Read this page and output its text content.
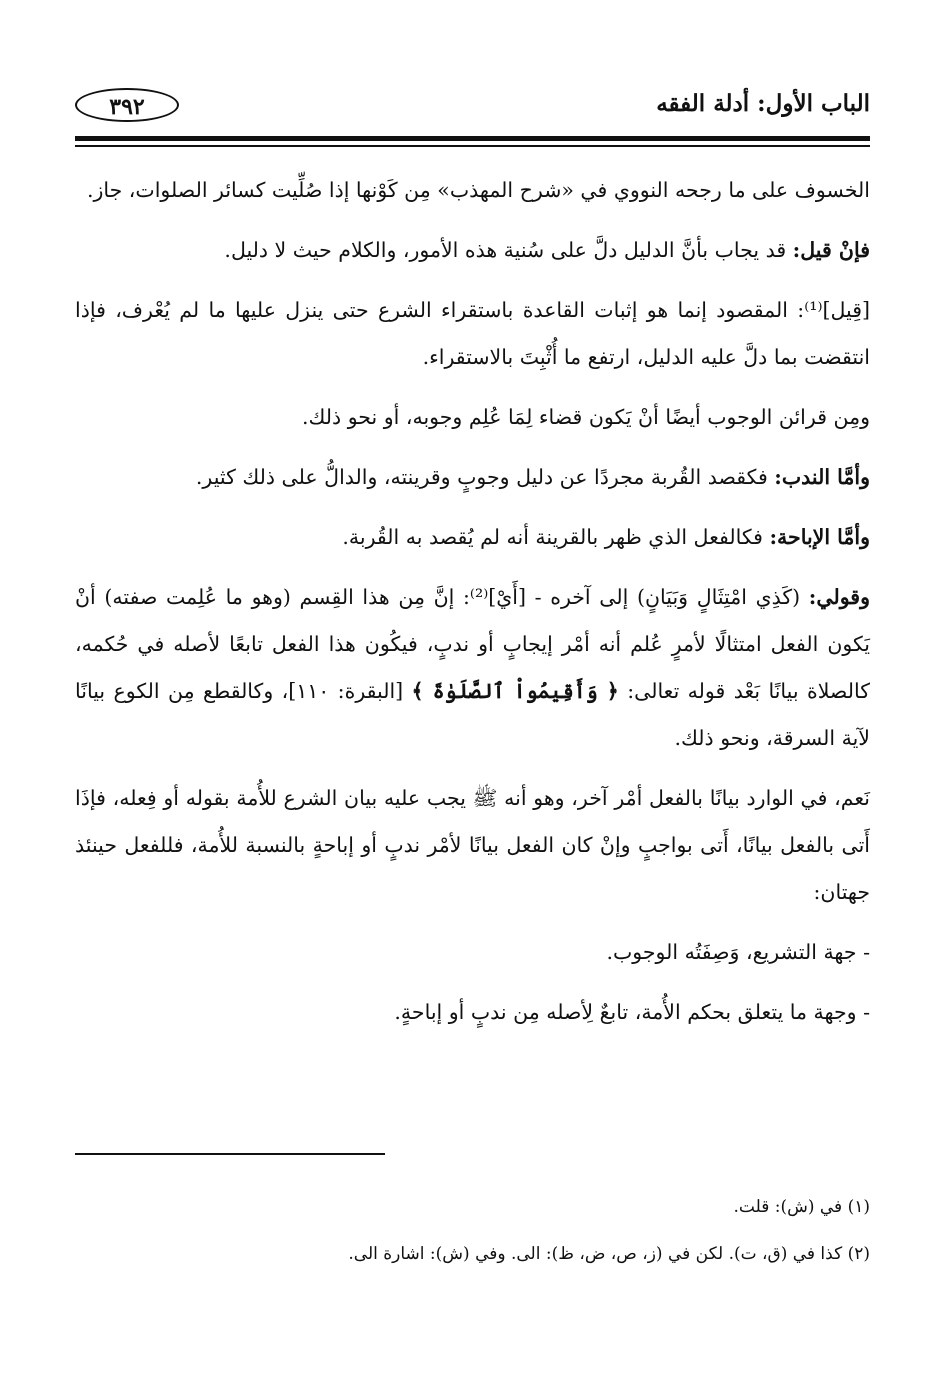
الباب الأول: أدلة الفقه
٣٩٢

الخسوف على ما رجحه النووي في «شرح المهذب» مِن كَوْنها إذا صُلِّيت كسائر الصلوات، جاز.

فإنْ قيل: قد يجاب بأنَّ الدليل دلَّ على سُنية هذه الأمور، والكلام حيث لا دليل.

[قِيل]⁽¹⁾: المقصود إنما هو إثبات القاعدة باستقراء الشرع حتى ينزل عليها ما لم يُعْرف، فإذا انتقضت بما دلَّ عليه الدليل، ارتفع ما أُثْبِتَ بالاستقراء.

ومِن قرائن الوجوب أيضًا أنْ يَكون قضاء لِمَا عُلِم وجوبه، أو نحو ذلك.

وأمَّا الندب: فكقصد القُربة مجردًا عن دليل وجوبٍ وقرينته، والدالُّ على ذلك كثير.

وأمَّا الإباحة: فكالفعل الذي ظهر بالقرينة أنه لم يُقصد به القُربة.

وقولي: (كَذِي امْتِثَالٍ وَبَيَانٍ) إلى آخره - [أَيْ]⁽²⁾: إنَّ مِن هذا القِسم (وهو ما عُلِمت صفته) أنْ يَكون الفعل امتثالًا لأمرٍ عُلم أنه أمْر إيجابٍ أو ندبٍ، فيكُون هذا الفعل تابعًا لأصله في حُكمه، كالصلاة بيانًا بَعْد قوله تعالى: ﴿ وَأَقِيمُواْ ٱلصَّلَوٰةَ ﴾ [البقرة: ١١٠]، وكالقطع مِن الكوع بيانًا لآية السرقة، ونحو ذلك.

نَعم، في الوارد بيانًا بالفعل أمْر آخر، وهو أنه ﷺ يجب عليه بيان الشرع للأُمة بقوله أو فِعله، فإذَا أَتى بالفعل بيانًا، أَتى بواجبٍ وإنْ كان الفعل بيانًا لأمْر ندبٍ أو إباحةٍ بالنسبة للأُمة، فللفعل حينئذ جهتان:

- جهة التشريع، وَصِفَتُه الوجوب.

- وجهة ما يتعلق بحكم الأُمة، تابعٌ لِأصله مِن ندبٍ أو إباحةٍ.

(١) في (ش): قلت.

(٢) كذا في (ق، ت). لكن في (ز، ص، ض، ظ): الى. وفي (ش): اشارة الى.
